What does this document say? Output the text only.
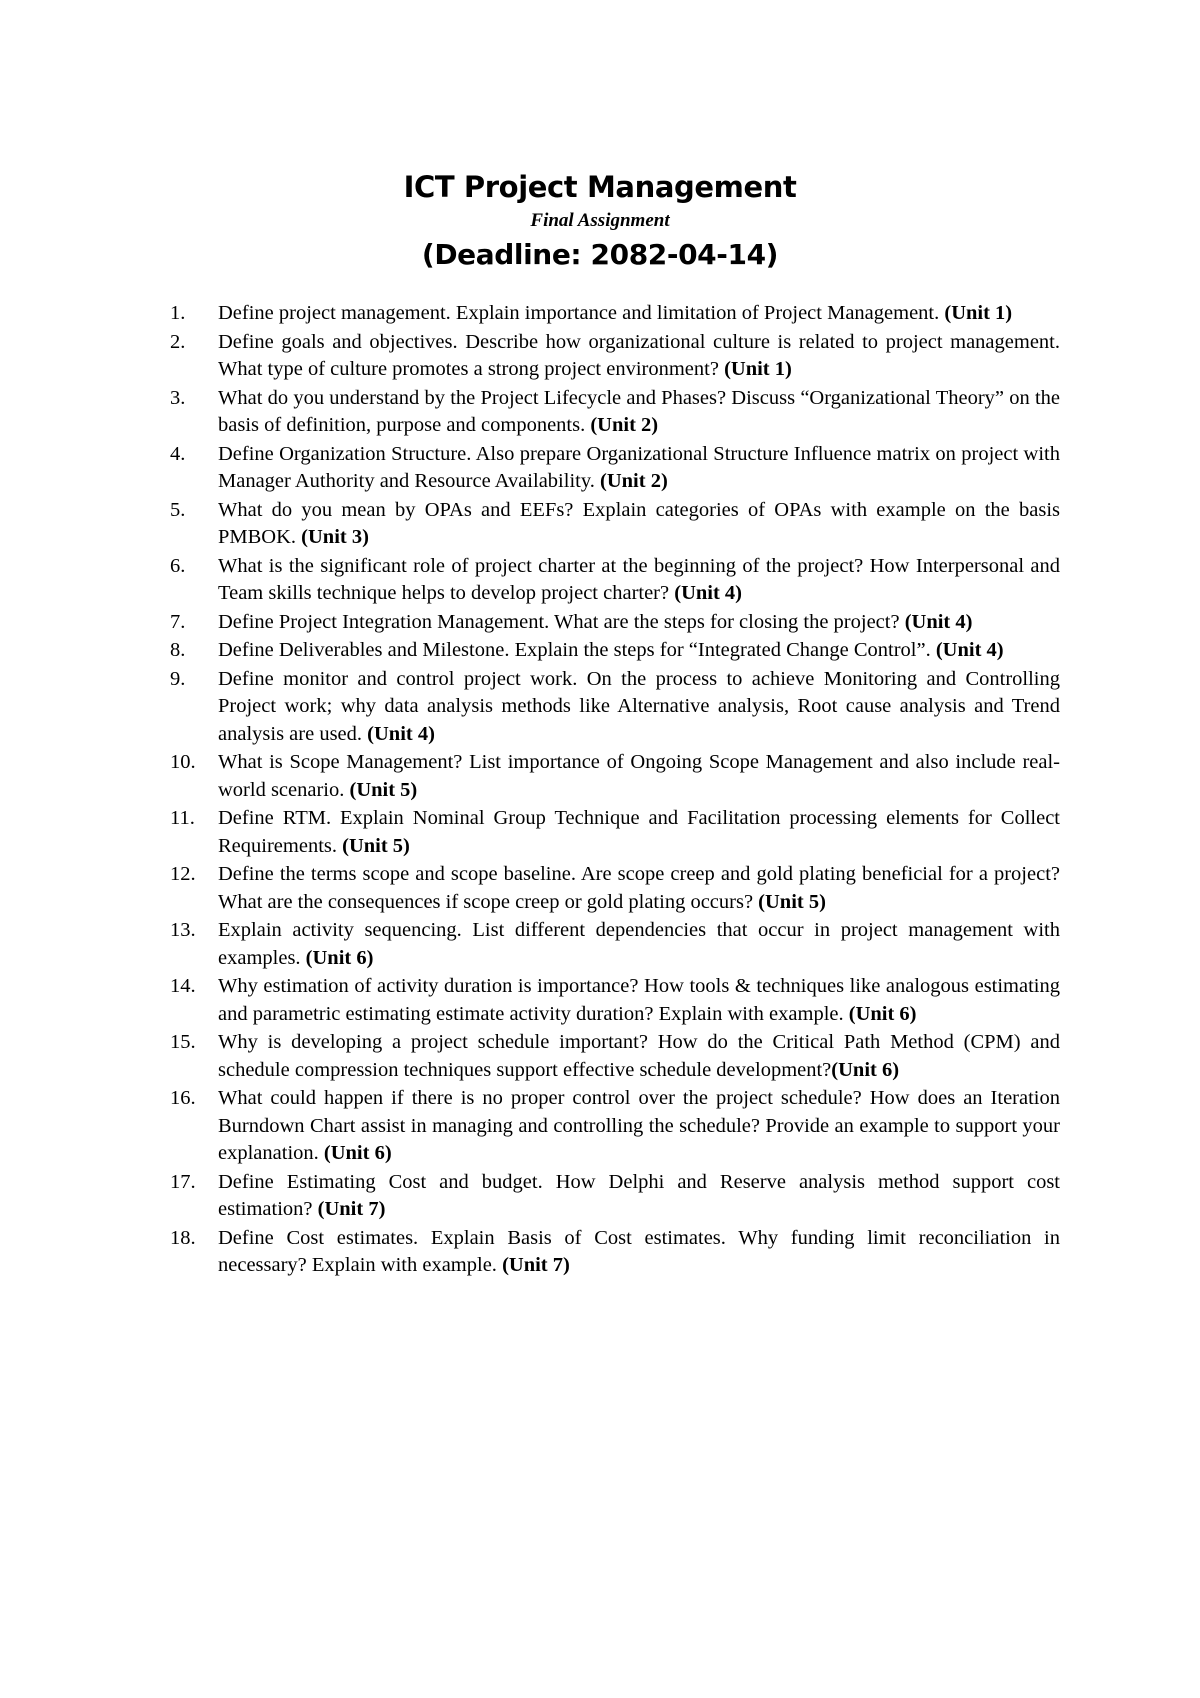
ICT Project Management
Final Assignment
(Deadline: 2082-04-14)
1.	Define project management. Explain importance and limitation of Project Management. (Unit 1)
2.	Define goals and objectives. Describe how organizational culture is related to project management. What type of culture promotes a strong project environment? (Unit 1)
3.	What do you understand by the Project Lifecycle and Phases? Discuss “Organizational Theory” on the basis of definition, purpose and components. (Unit 2)
4.	Define Organization Structure. Also prepare Organizational Structure Influence matrix on project with Manager Authority and Resource Availability. (Unit 2)
5.	What do you mean by OPAs and EEFs? Explain categories of OPAs with example on the basis PMBOK. (Unit 3)
6.	What is the significant role of project charter at the beginning of the project? How Interpersonal and Team skills technique helps to develop project charter? (Unit 4)
7.	Define Project Integration Management. What are the steps for closing the project? (Unit 4)
8.	Define Deliverables and Milestone. Explain the steps for “Integrated Change Control”. (Unit 4)
9.	Define monitor and control project work. On the process to achieve Monitoring and Controlling Project work; why data analysis methods like Alternative analysis, Root cause analysis and Trend analysis are used. (Unit 4)
10.	What is Scope Management? List importance of Ongoing Scope Management and also include real-world scenario. (Unit 5)
11.	Define RTM. Explain Nominal Group Technique and Facilitation processing elements for Collect Requirements. (Unit 5)
12.	Define the terms scope and scope baseline. Are scope creep and gold plating beneficial for a project? What are the consequences if scope creep or gold plating occurs? (Unit 5)
13.	Explain activity sequencing. List different dependencies that occur in project management with examples. (Unit 6)
14.	Why estimation of activity duration is importance? How tools & techniques like analogous estimating and parametric estimating estimate activity duration? Explain with example. (Unit 6)
15.	Why is developing a project schedule important? How do the Critical Path Method (CPM) and schedule compression techniques support effective schedule development?(Unit 6)
16.	What could happen if there is no proper control over the project schedule? How does an Iteration Burndown Chart assist in managing and controlling the schedule? Provide an example to support your explanation. (Unit 6)
17.	Define Estimating Cost and budget. How Delphi and Reserve analysis method support cost estimation? (Unit 7)
18.	Define Cost estimates. Explain Basis of Cost estimates. Why funding limit reconciliation in necessary? Explain with example. (Unit 7)
